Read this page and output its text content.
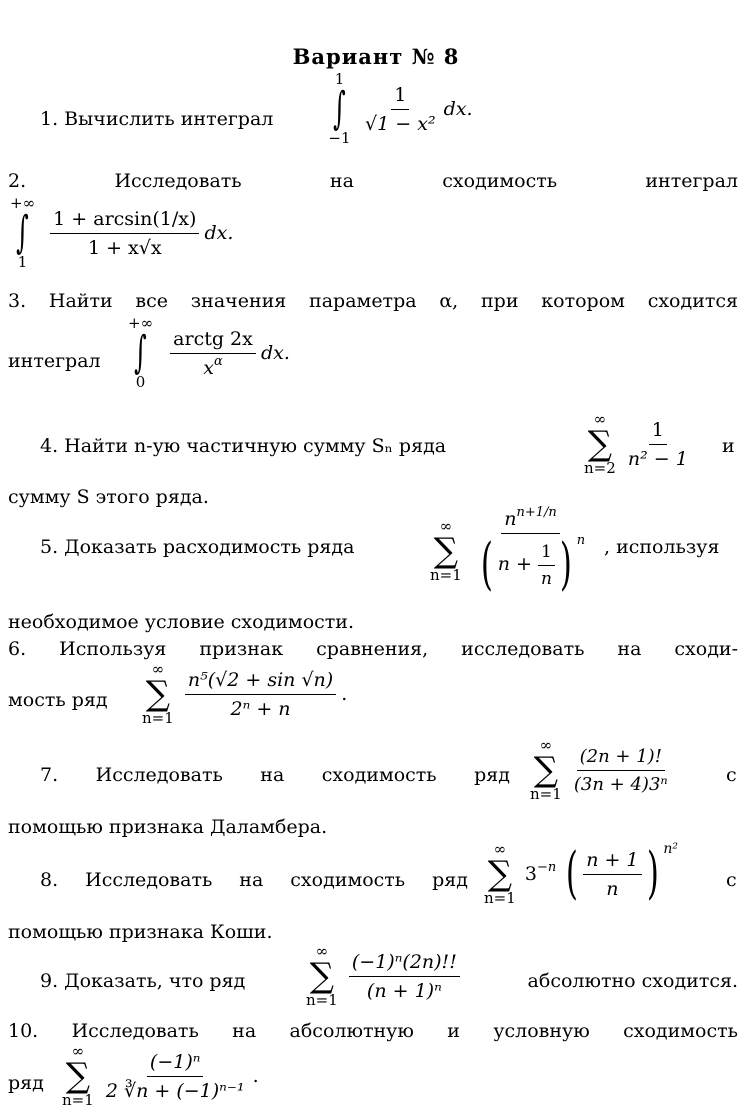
Вариант № 8
1. Вычислить интеграл
1
∫
−1

$\frac{1}{\text{√1 − x²}}$ dx.
2.	Исследовать	на	сходимость	интеграл
+∞
∫
1

$\frac{1 + \arcsin(1/x)}{1 + x√x}$ dx.
3. Найти все значения параметра α, при котором сходится
интеграл
+∞
∫
0

$\frac{\text{arctg 2x}}{x^\alpha}$ dx.
4. Найти n-ую частичную сумму Sₙ ряда
∞
∑
n=2
$\frac{1}{\text{n² − 1}}$ и
сумму S этого ряда.
5. Доказать расходимость ряда
∞
∑
n=1
$\frac{n^{n+1/n}}{( n + \frac{1}{n} ) ^n}$ , используя
необходимое условие сходимости.
6. Используя признак сравнения, исследовать на сходи-
мость ряд
∞
∑
n=1
$\frac{\text{n⁵(√2 + sin √n)}}{\text{2ⁿ + n}}$ .
7. Исследовать на сходимость ряд
∞
∑
n=1
$\frac{(2n + 1)!}{\text{(3n + 4)3ⁿ}}$	с
помощью признака Даламбера.
8. Исследовать на сходимость ряд
∞
∑
n=1
$3^{-n}$ ( $\frac{n + 1}{n}$ ) n²
с
помощью признака Коши.
9. Доказать, что ряд
∞
∑
n=1
$\frac{\text{(−1)ⁿ(2n)!!}}{\text{(n + 1)ⁿ}}$	абсолютно сходится.
10. Исследовать на абсолютную и условную сходимость
ряд
∞
∑
n=1
$\frac{\text{(−1)ⁿ}}{\text{2 ∛n + (−1)ⁿ⁻¹}}$ .
